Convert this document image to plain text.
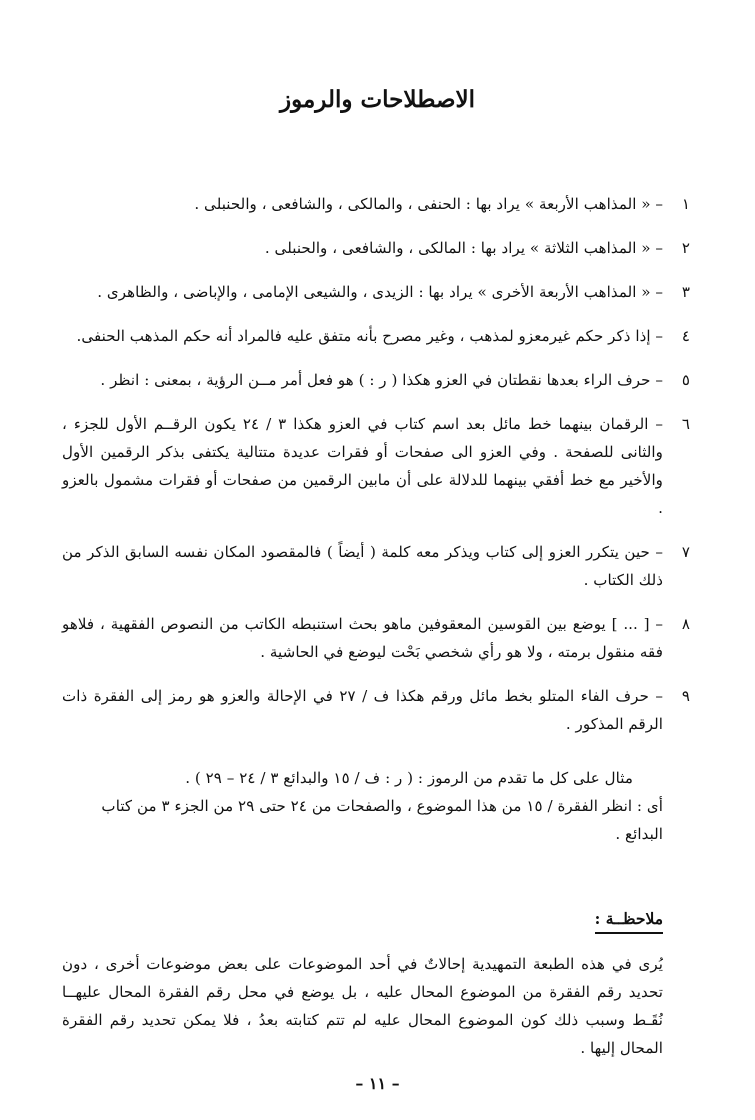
الاصطلاحات والرموز
١
– « المذاهب الأربعة » يراد بها : الحنفى ، والمالكى ، والشافعى ، والحنبلى .
٢
– « المذاهب الثلاثة » يراد بها : المالكى ، والشافعى ، والحنبلى .
٣
– « المذاهب الأربعة الأخرى » يراد بها : الزيدى ، والشيعى الإمامى ، والإباضى ، والظاهرى .
٤
– إذا ذكر حكم غيرمعزو لمذهب ، وغير مصرح بأنه متفق عليه فالمراد أنه حكم المذهب الحنفى.
٥
– حرف الراء بعدها نقطتان في العزو هكذا ( ر : ) هو فعل أمر مــن الرؤية ، بمعنى : انظر .
٦
– الرقمان بينهما خط مائل بعد اسم كتاب في العزو هكذا ٣ / ٢٤ يكون الرقــم الأول للجزء ، والثانى للصفحة . وفي العزو الى صفحات أو فقرات عديدة متتالية يكتفى بذكر الرقمين الأول والأخير مع خط أفقي بينهما للدلالة على أن مابين الرقمين من صفحات أو فقرات مشمول بالعزو .
٧
– حين يتكرر العزو إلى كتاب ويذكر معه كلمة ( أيضاً ) فالمقصود المكان نفسه السابق الذكر من ذلك الكتاب .
٨
– [ ... ] يوضع بين القوسين المعقوفين ماهو بحث استنبطه الكاتب من النصوص الفقهية ، فلاهو فقه منقول برمته ، ولا هو رأي شخصي بَحْت ليوضع في الحاشية .
٩
– حرف الفاء المتلو بخط مائل ورقم هكذا ف / ٢٧ في الإحالة والعزو هو رمز إلى الفقرة ذات الرقم المذكور .
مثال على كل ما تقدم من الرموز : ( ر : ف / ١٥ والبدائع ٣ / ٢٤ – ٢٩ ) .
أى : انظر الفقرة / ١٥ من هذا الموضوع ، والصفحات من ٢٤ حتى ٢٩ من الجزء ٣ من كتاب البدائع .
ملاحظــة :

يُرى في هذه الطبعة التمهيدية إحالاتٌ في أحد الموضوعات على بعض موضوعات أخرى ، دون تحديد رقم الفقرة من الموضوع المحال عليه ، بل يوضع في محل رقم الفقرة المحال عليهــا نُقَـط وسبب ذلك كون الموضوع المحال عليه لم تتم كتابته بعدُ ، فلا يمكن تحديد رقم الفقرة المحال إليها .

– ١١ –
